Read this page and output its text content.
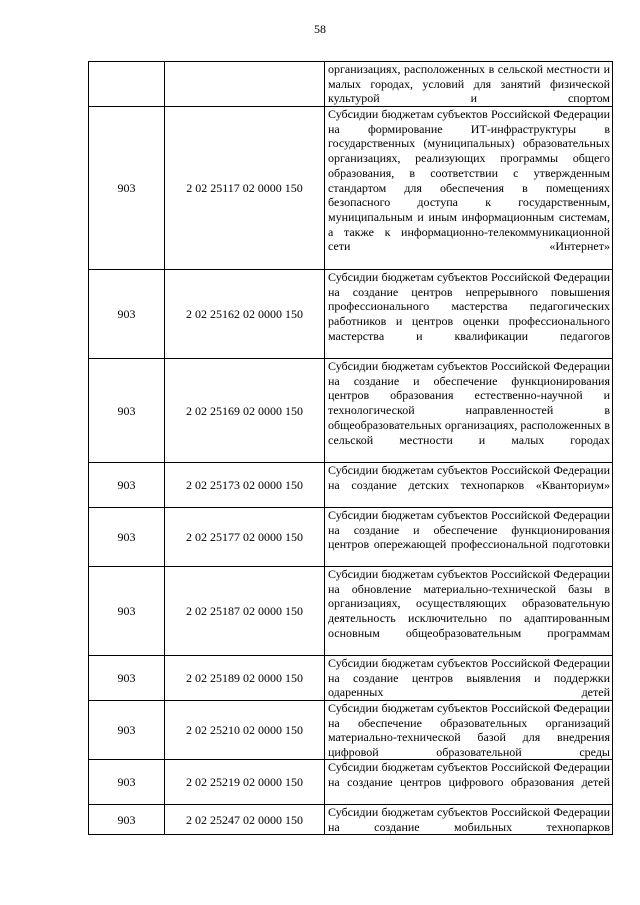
58

		организациях, расположенных в сельской местности и малых городах, условий для занятий физической культурой и спортом

903	2 02 25117 02 0000 150	Субсидии бюджетам субъектов Российской Федерации на формирование ИТ-инфраструктуры в государственных (муниципальных) образовательных организациях, реализующих программы общего образования, в соответствии с утвержденным стандартом для обеспечения в помещениях безопасного доступа к государственным, муниципальным и иным информационным системам, а также к информационно-телекоммуникационной сети «Интернет»

903	2 02 25162 02 0000 150	Субсидии бюджетам субъектов Российской Федерации на создание центров непрерывного повышения профессионального мастерства педагогических работников и центров оценки профессионального мастерства и квалификации педагогов

903	2 02 25169 02 0000 150	Субсидии бюджетам субъектов Российской Федерации на создание и обеспечение функционирования центров образования естественно-научной и технологической направленностей в общеобразовательных организациях, расположенных в сельской местности и малых городах

903	2 02 25173 02 0000 150	Субсидии бюджетам субъектов Российской Федерации на создание детских технопарков «Кванториум»

903	2 02 25177 02 0000 150	Субсидии бюджетам субъектов Российской Федерации на создание и обеспечение функционирования центров опережающей профессиональной подготовки

903	2 02 25187 02 0000 150	Субсидии бюджетам субъектов Российской Федерации на обновление материально-технической базы в организациях, осуществляющих образовательную деятельность исключительно по адаптированным основным общеобразовательным программам

903	2 02 25189 02 0000 150	Субсидии бюджетам субъектов Российской Федерации на создание центров выявления и поддержки одаренных детей

903	2 02 25210 02 0000 150	Субсидии бюджетам субъектов Российской Федерации на обеспечение образовательных организаций материально-технической базой для внедрения цифровой образовательной среды

903	2 02 25219 02 0000 150	Субсидии бюджетам субъектов Российской Федерации на создание центров цифрового образования детей

903	2 02 25247 02 0000 150	Субсидии бюджетам субъектов Российской Федерации на создание мобильных технопарков
